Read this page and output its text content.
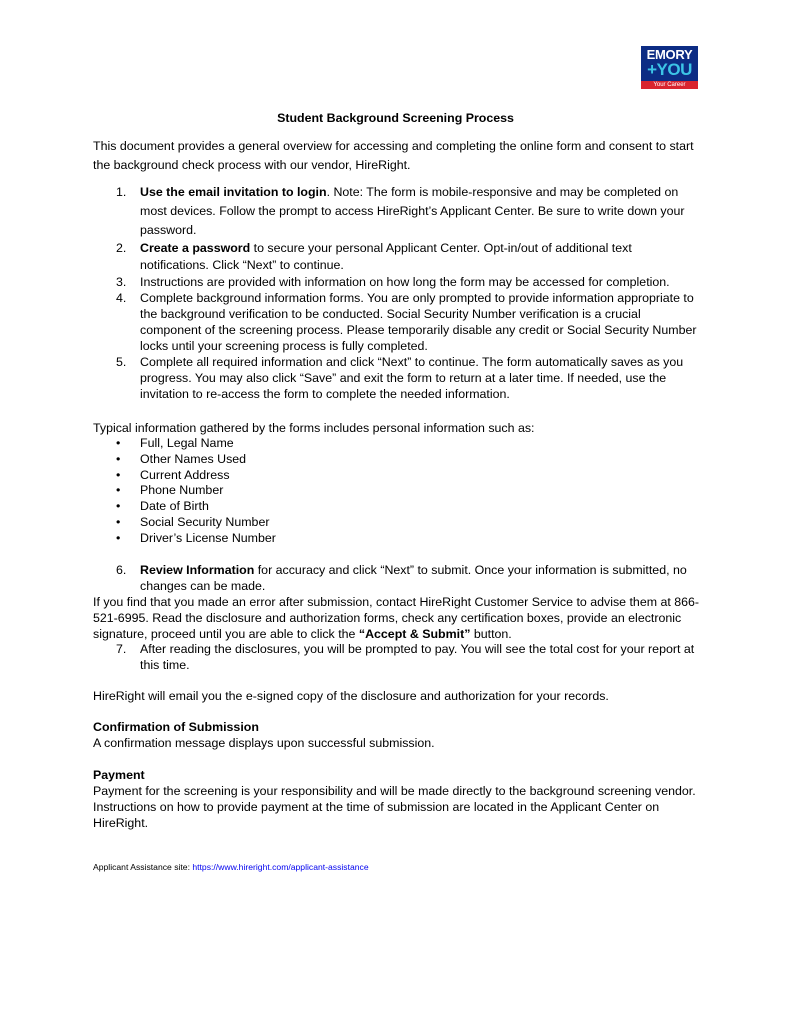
EMORY
+YOU
Your Career
Student Background Screening Process
This document provides a general overview for accessing and completing the online form and consent to start the background check process with our vendor, HireRight.
1. Use the email invitation to login. Note: The form is mobile-responsive and may be completed on most devices. Follow the prompt to access HireRight’s Applicant Center. Be sure to write down your password.
2. Create a password to secure your personal Applicant Center. Opt-in/out of additional text notifications. Click “Next” to continue.
3. Instructions are provided with information on how long the form may be accessed for completion.
4. Complete background information forms. You are only prompted to provide information appropriate to the background verification to be conducted. Social Security Number verification is a crucial component of the screening process. Please temporarily disable any credit or Social Security Number locks until your screening process is fully completed.
5. Complete all required information and click “Next” to continue. The form automatically saves as you progress. You may also click “Save” and exit the form to return at a later time. If needed, use the invitation to re-access the form to complete the needed information.
Typical information gathered by the forms includes personal information such as:
• Full, Legal Name
• Other Names Used
• Current Address
• Phone Number
• Date of Birth
• Social Security Number
• Driver’s License Number
6. Review Information for accuracy and click “Next” to submit. Once your information is submitted, no changes can be made.
If you find that you made an error after submission, contact HireRight Customer Service to advise them at 866-521-6995. Read the disclosure and authorization forms, check any certification boxes, provide an electronic signature, proceed until you are able to click the “Accept & Submit” button.
7. After reading the disclosures, you will be prompted to pay. You will see the total cost for your report at this time.
HireRight will email you the e-signed copy of the disclosure and authorization for your records.
Confirmation of Submission
A confirmation message displays upon successful submission.
Payment
Payment for the screening is your responsibility and will be made directly to the background screening vendor. Instructions on how to provide payment at the time of submission are located in the Applicant Center on HireRight.
Applicant Assistance site: https://www.hireright.com/applicant-assistance
